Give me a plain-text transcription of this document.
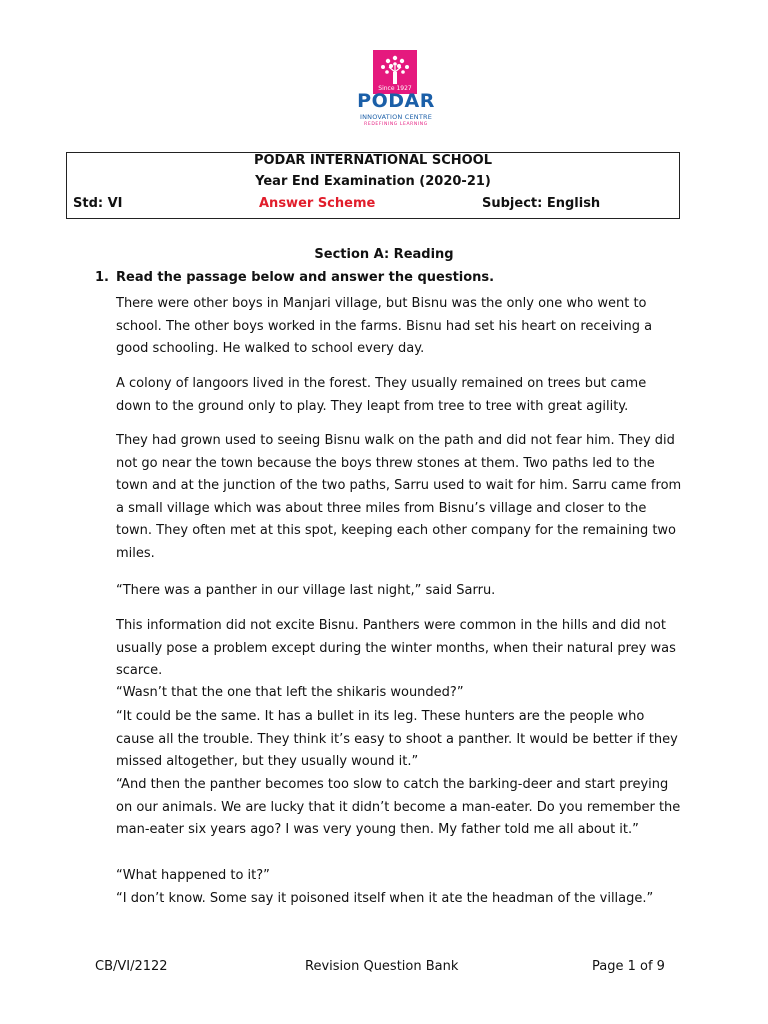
Since 1927
PODAR
INNOVATION CENTRE
REDEFINING LEARNING
PODAR INTERNATIONAL SCHOOL
Year End Examination (2020-21)
Std: VI	Answer Scheme	Subject: English
Section A: Reading
1. Read the passage below and answer the questions.

There were other boys in Manjari village, but Bisnu was the only one who went to school. The other boys worked in the farms. Bisnu had set his heart on receiving a good schooling. He walked to school every day.

A colony of langoors lived in the forest. They usually remained on trees but came down to the ground only to play. They leapt from tree to tree with great agility.

They had grown used to seeing Bisnu walk on the path and did not fear him. They did not go near the town because the boys threw stones at them. Two paths led to the town and at the junction of the two paths, Sarru used to wait for him. Sarru came from a small village which was about three miles from Bisnu’s village and closer to the town. They often met at this spot, keeping each other company for the remaining two miles.

“There was a panther in our village last night,” said Sarru.

This information did not excite Bisnu. Panthers were common in the hills and did not usually pose a problem except during the winter months, when their natural prey was scarce.

“Wasn’t that the one that left the shikaris wounded?”

“It could be the same. It has a bullet in its leg. These hunters are the people who cause all the trouble. They think it’s easy to shoot a panther. It would be better if they missed altogether, but they usually wound it.”

“And then the panther becomes too slow to catch the barking-deer and start preying on our animals. We are lucky that it didn’t become a man-eater. Do you remember the man-eater six years ago? I was very young then. My father told me all about it.”

“What happened to it?”

“I don’t know. Some say it poisoned itself when it ate the headman of the village.”

CB/VI/2122	Revision Question Bank	Page 1 of 9
